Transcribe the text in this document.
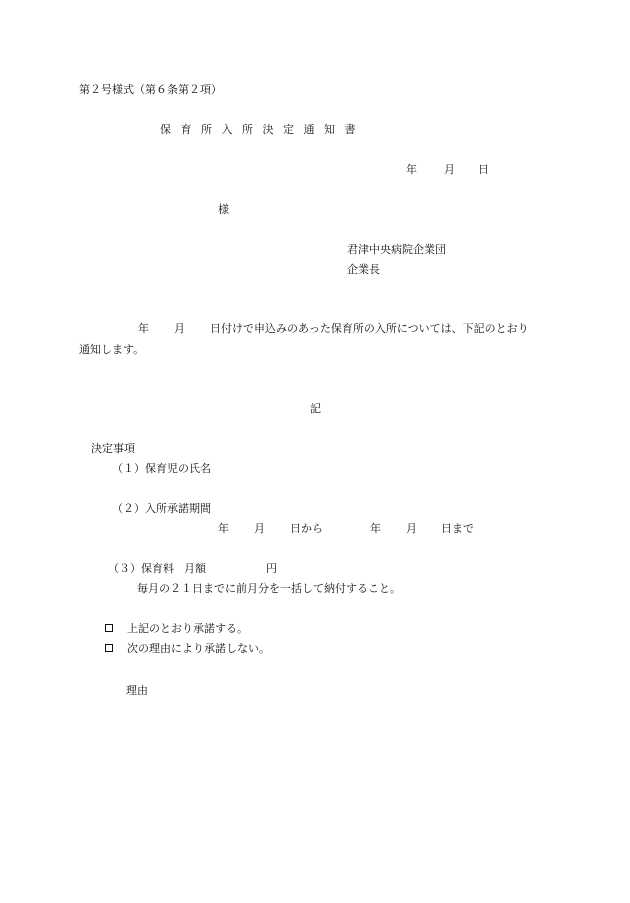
第２号様式（第６条第２項）
保育所入所決定通知書
年 月 日
様
君津中央病院企業団
企業長
年 月 日付けで申込みのあった保育所の入所については、下記のとおり
通知します。
記
決定事項
（１） 保育児の氏名
（２） 入所承諾期間
年 月 日から	年 月 日まで
（３）保育料 月額	円
毎月の２１日までに前月分を一括して納付すること。
上記のとおり承諾する。
次の理由により承諾しない。
理由
